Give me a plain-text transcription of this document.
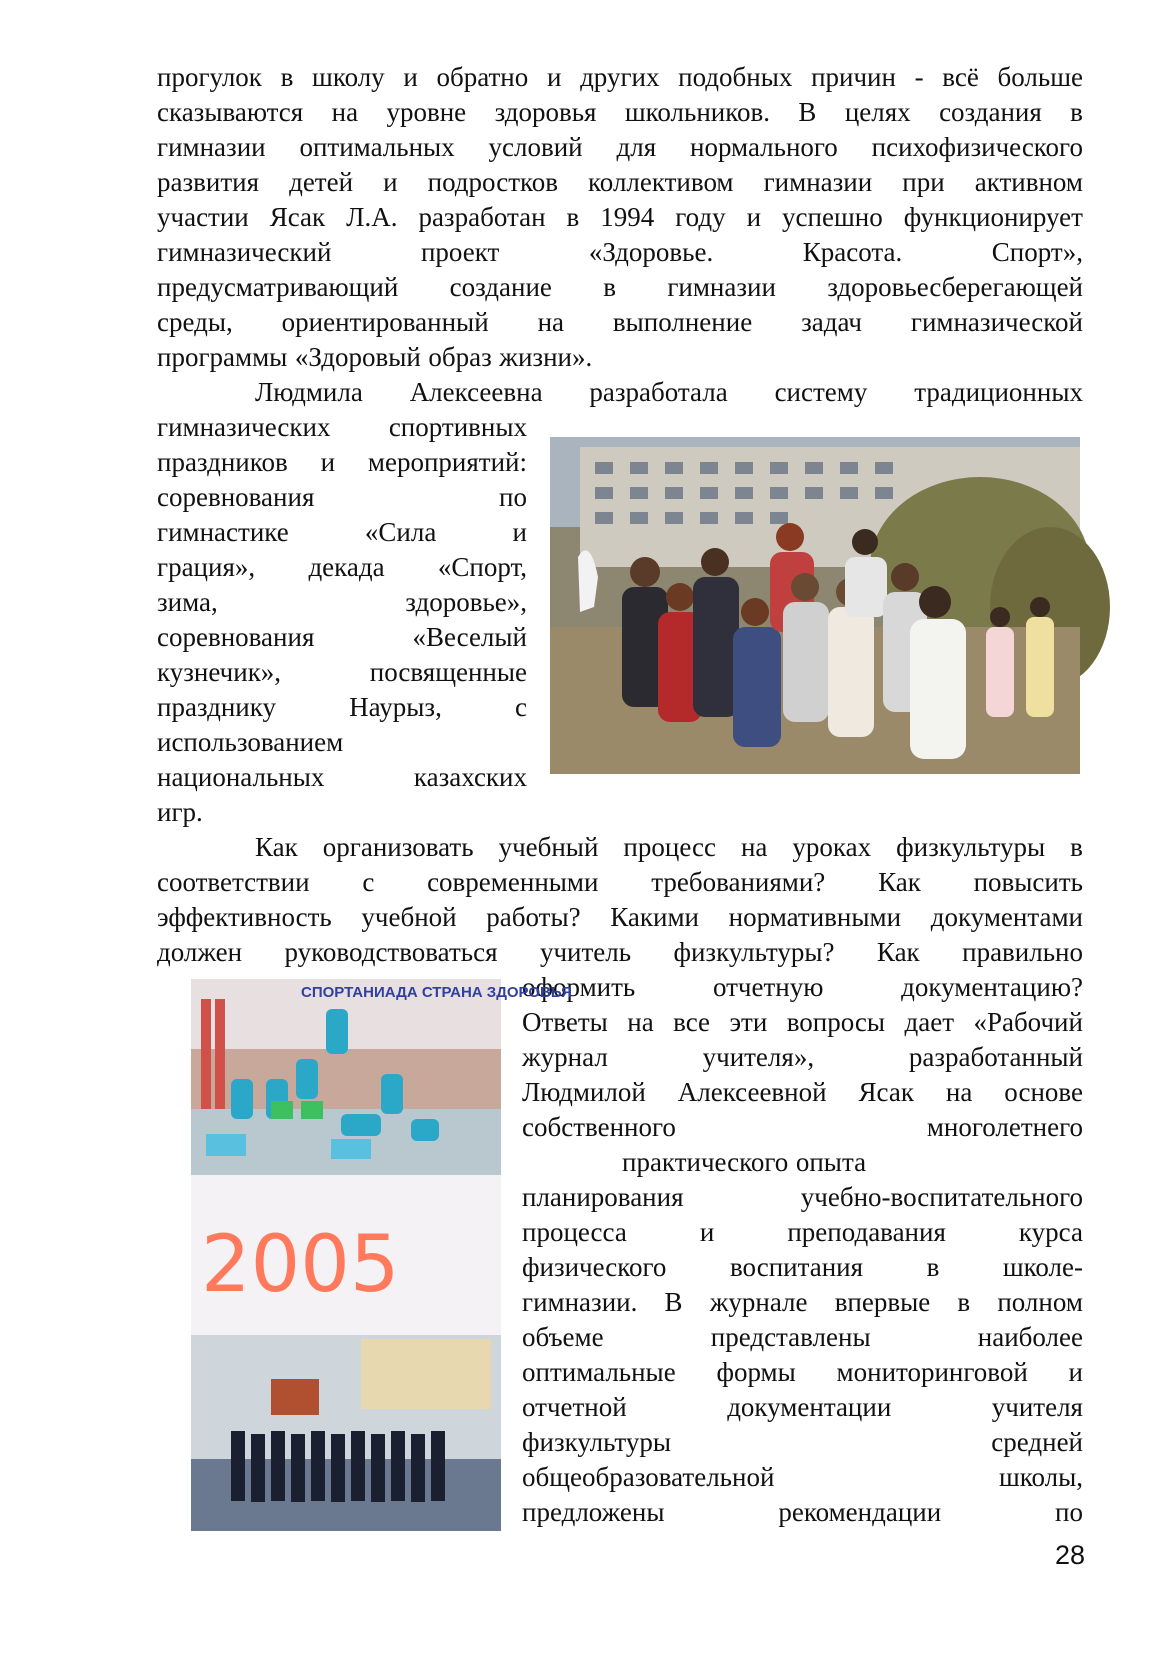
прогулок в школу и обратно и других подобных причин - всё больше
сказываются на уровне здоровья школьников. В целях создания в
гимназии оптимальных условий для нормального психофизического
развития детей и подростков коллективом гимназии при активном
участии Ясак Л.А. разработан в 1994 году и успешно функционирует
гимназический	проект	«Здоровье.	Красота.	Спорт»,
предусматривающий создание в гимназии здоровьесберегающей
среды, ориентированный на выполнение задач гимназической
программы «Здоровый образ жизни».
Людмила Алексеевна разработала систему традиционных
гимназических спортивных
праздников и мероприятий:
соревнования	по
гимнастике	«Сила	и
грация», декада «Спорт,
зима,	здоровье»,
соревнования	«Веселый
кузнечик»,	посвященные
празднику	Наурыз,	с
использованием
национальных	казахских
игр.
Как организовать учебный процесс на уроках физкультуры в
соответствии с современными требованиями? Как повысить
эффективность учебной работы? Какими нормативными документами
должен руководствоваться учитель физкультуры? Как правильно
оформить	отчетную	документацию?
Ответы на все эти вопросы дает «Рабочий
журнал	учителя»,	разработанный
Людмилой Алексеевной Ясак на основе
собственного	многолетнего
практического опыта
планирования	учебно-воспитательного
процесса	и	преподавания	курса
физического воспитания в школе-
гимназии. В журнале впервые в полном
объеме	представлены	наиболее
оптимальные формы мониторинговой и
отчетной	документации	учителя
физкультуры	средней
общеобразовательной	школы,
предложены	рекомендации	по
СПОРТАНИАДА СТРАНА ЗДОРОВЬЯ
2005
28
